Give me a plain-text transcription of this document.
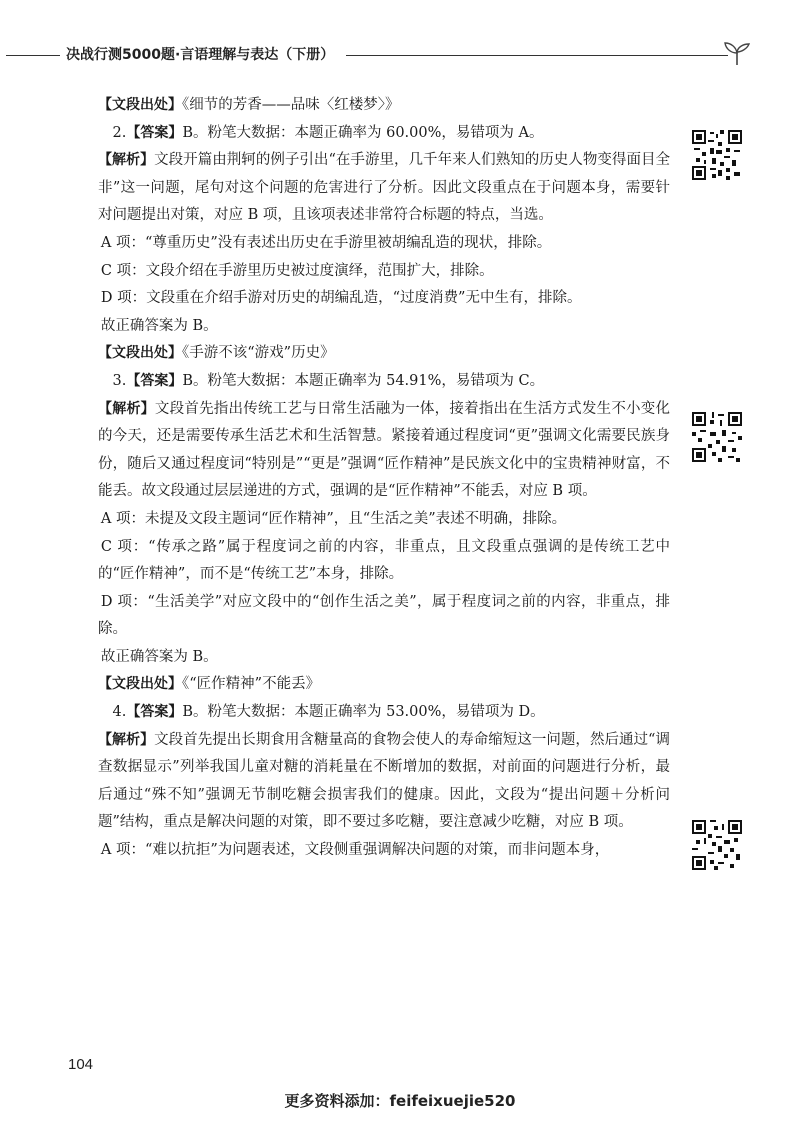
决战行测5000题·言语理解与表达（下册）

【文段出处】《细节的芳香——品味〈红楼梦〉》

2.【答案】B。粉笔大数据：本题正确率为 60.00%，易错项为 A。

【解析】文段开篇由荆轲的例子引出“在手游里，几千年来人们熟知的历史人物变得面目全非”这一问题，尾句对这个问题的危害进行了分析。因此文段重点在于问题本身，需要针对问题提出对策，对应 B 项，且该项表述非常符合标题的特点，当选。

A 项：“尊重历史”没有表述出历史在手游里被胡编乱造的现状，排除。

C 项：文段介绍在手游里历史被过度演绎，范围扩大，排除。

D 项：文段重在介绍手游对历史的胡编乱造，“过度消费”无中生有，排除。

故正确答案为 B。

【文段出处】《手游不该“游戏”历史》

3.【答案】B。粉笔大数据：本题正确率为 54.91%，易错项为 C。

【解析】文段首先指出传统工艺与日常生活融为一体，接着指出在生活方式发生不小变化的今天，还是需要传承生活艺术和生活智慧。紧接着通过程度词“更”强调文化需要民族身份，随后又通过程度词“特别是”“更是”强调“匠作精神”是民族文化中的宝贵精神财富，不能丢。故文段通过层层递进的方式，强调的是“匠作精神”不能丢，对应 B 项。

A 项：未提及文段主题词“匠作精神”，且“生活之美”表述不明确，排除。

C 项：“传承之路”属于程度词之前的内容，非重点，且文段重点强调的是传统工艺中的“匠作精神”，而不是“传统工艺”本身，排除。

D 项：“生活美学”对应文段中的“创作生活之美”，属于程度词之前的内容，非重点，排除。

故正确答案为 B。

【文段出处】《“匠作精神”不能丢》

4.【答案】B。粉笔大数据：本题正确率为 53.00%，易错项为 D。

【解析】文段首先提出长期食用含糖量高的食物会使人的寿命缩短这一问题，然后通过“调查数据显示”列举我国儿童对糖的消耗量在不断增加的数据，对前面的问题进行分析，最后通过“殊不知”强调无节制吃糖会损害我们的健康。因此，文段为“提出问题＋分析问题”结构，重点是解决问题的对策，即不要过多吃糖，要注意减少吃糖，对应 B 项。

A 项：“难以抗拒”为问题表述，文段侧重强调解决问题的对策，而非问题本身，

104
更多资料添加：feifeixuejie520
